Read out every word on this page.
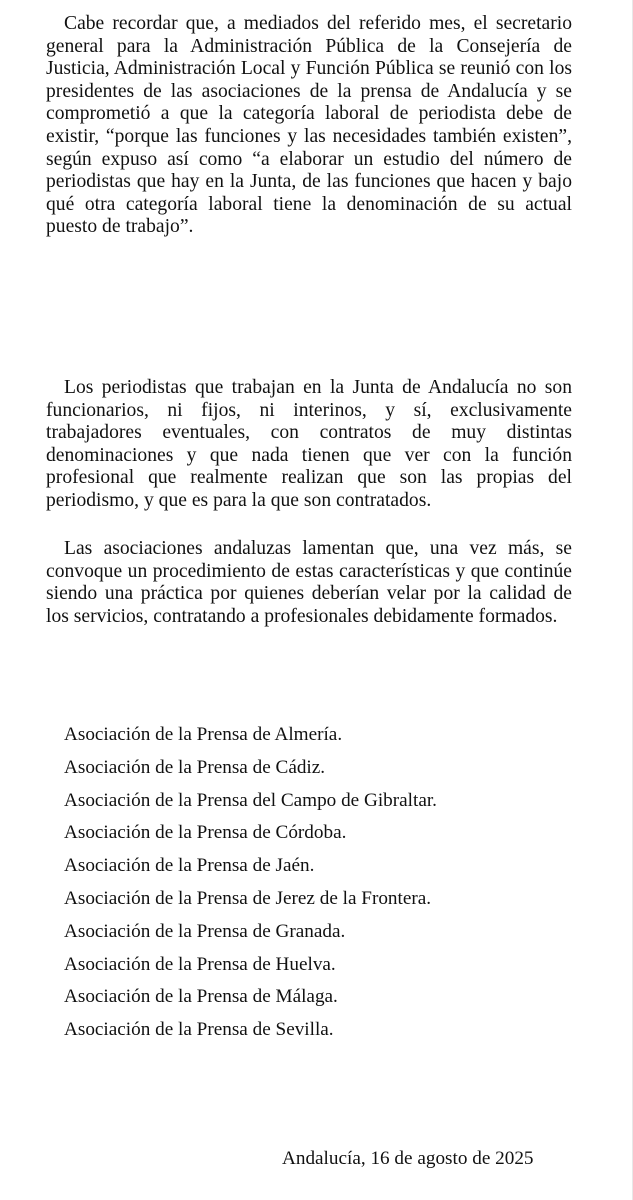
Cabe recordar que, a mediados del referido mes, el secretario general para la Administración Pública de la Consejería de Justicia, Administración Local y Función Pública se reunió con los presidentes de las asociaciones de la prensa de Andalucía y se comprometió a que la categoría laboral de periodista debe de existir, “porque las funciones y las necesidades también existen”, según expuso así como “a elaborar un estudio del número de periodistas que hay en la Junta, de las funciones que hacen y bajo qué otra categoría laboral tiene la denominación de su actual puesto de trabajo”.

Los periodistas que trabajan en la Junta de Andalucía no son funcionarios, ni fijos, ni interinos, y sí, exclusivamente trabajadores eventuales, con contratos de muy distintas denominaciones y que nada tienen que ver con la función profesional que realmente realizan que son las propias del periodismo, y que es para la que son contratados.

Las asociaciones andaluzas lamentan que, una vez más, se convoque un procedimiento de estas características y que continúe siendo una práctica por quienes deberían velar por la calidad de los servicios, contratando a profesionales debidamente formados.

Asociación de la Prensa de Almería.
Asociación de la Prensa de Cádiz.
Asociación de la Prensa del Campo de Gibraltar.
Asociación de la Prensa de Córdoba.
Asociación de la Prensa de Jaén.
Asociación de la Prensa de Jerez de la Frontera.
Asociación de la Prensa de Granada.
Asociación de la Prensa de Huelva.
Asociación de la Prensa de Málaga.
Asociación de la Prensa de Sevilla.
Andalucía, 16 de agosto de 2025
